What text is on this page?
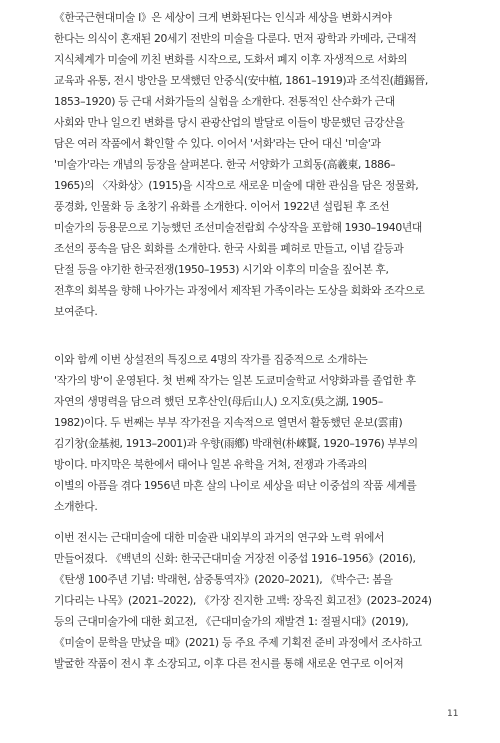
《한국근현대미술 I》은 세상이 크게 변화된다는 인식과 세상을 변화시켜야
한다는 의식이 혼재된 20세기 전반의 미술을 다룬다. 먼저 광학과 카메라, 근대적
지식체계가 미술에 끼친 변화를 시작으로, 도화서 폐지 이후 자생적으로 서화의
교육과 유통, 전시 방안을 모색했던 안중식(安中植, 1861–1919)과 조석진(趙錫晉,
1853–1920) 등 근대 서화가들의 실험을 소개한다. 전통적인 산수화가 근대
사회와 만나 일으킨 변화를 당시 관광산업의 발달로 이들이 방문했던 금강산을
담은 여러 작품에서 확인할 수 있다. 이어서 '서화'라는 단어 대신 '미술'과
'미술가'라는 개념의 등장을 살펴본다. 한국 서양화가 고희동(高羲東, 1886–
1965)의 〈자화상〉(1915)을 시작으로 새로운 미술에 대한 관심을 담은 정물화,
풍경화, 인물화 등 초창기 유화를 소개한다. 이어서 1922년 설립된 후 조선
미술가의 등용문으로 기능했던 조선미술전람회 수상작을 포함해 1930–1940년대
조선의 풍속을 담은 회화를 소개한다. 한국 사회를 폐허로 만들고, 이념 갈등과
단절 등을 야기한 한국전쟁(1950–1953) 시기와 이후의 미술을 짚어본 후,
전후의 회복을 향해 나아가는 과정에서 제작된 가족이라는 도상을 회화와 조각으로
보여준다.
이와 함께 이번 상설전의 특징으로 4명의 작가를 집중적으로 소개하는
'작가의 방'이 운영된다. 첫 번째 작가는 일본 도쿄미술학교 서양화과를 졸업한 후
자연의 생명력을 담으려 했던 모후산인(母后山人) 오지호(吳之湖, 1905–
1982)이다. 두 번째는 부부 작가전을 지속적으로 열면서 활동했던 운보(雲甫)
김기창(金基昶, 1913–2001)과 우향(雨鄕) 박래현(朴崍賢, 1920–1976) 부부의
방이다. 마지막은 북한에서 태어나 일본 유학을 거쳐, 전쟁과 가족과의
이별의 아픔을 겪다 1956년 마흔 살의 나이로 세상을 떠난 이중섭의 작품 세계를
소개한다.
이번 전시는 근대미술에 대한 미술관 내외부의 과거의 연구와 노력 위에서
만들어졌다. 《백년의 신화: 한국근대미술 거장전 이중섭 1916–1956》(2016),
《탄생 100주년 기념: 박래현, 삼중통역자》(2020–2021), 《박수근: 봄을
기다리는 나목》(2021–2022), 《가장 진지한 고백: 장욱진 회고전》(2023–2024)
등의 근대미술가에 대한 회고전, 《근대미술가의 재발견 1: 절필시대》(2019),
《미술이 문학을 만났을 때》(2021) 등 주요 주제 기획전 준비 과정에서 조사하고
발굴한 작품이 전시 후 소장되고, 이후 다른 전시를 통해 새로운 연구로 이어져
11
